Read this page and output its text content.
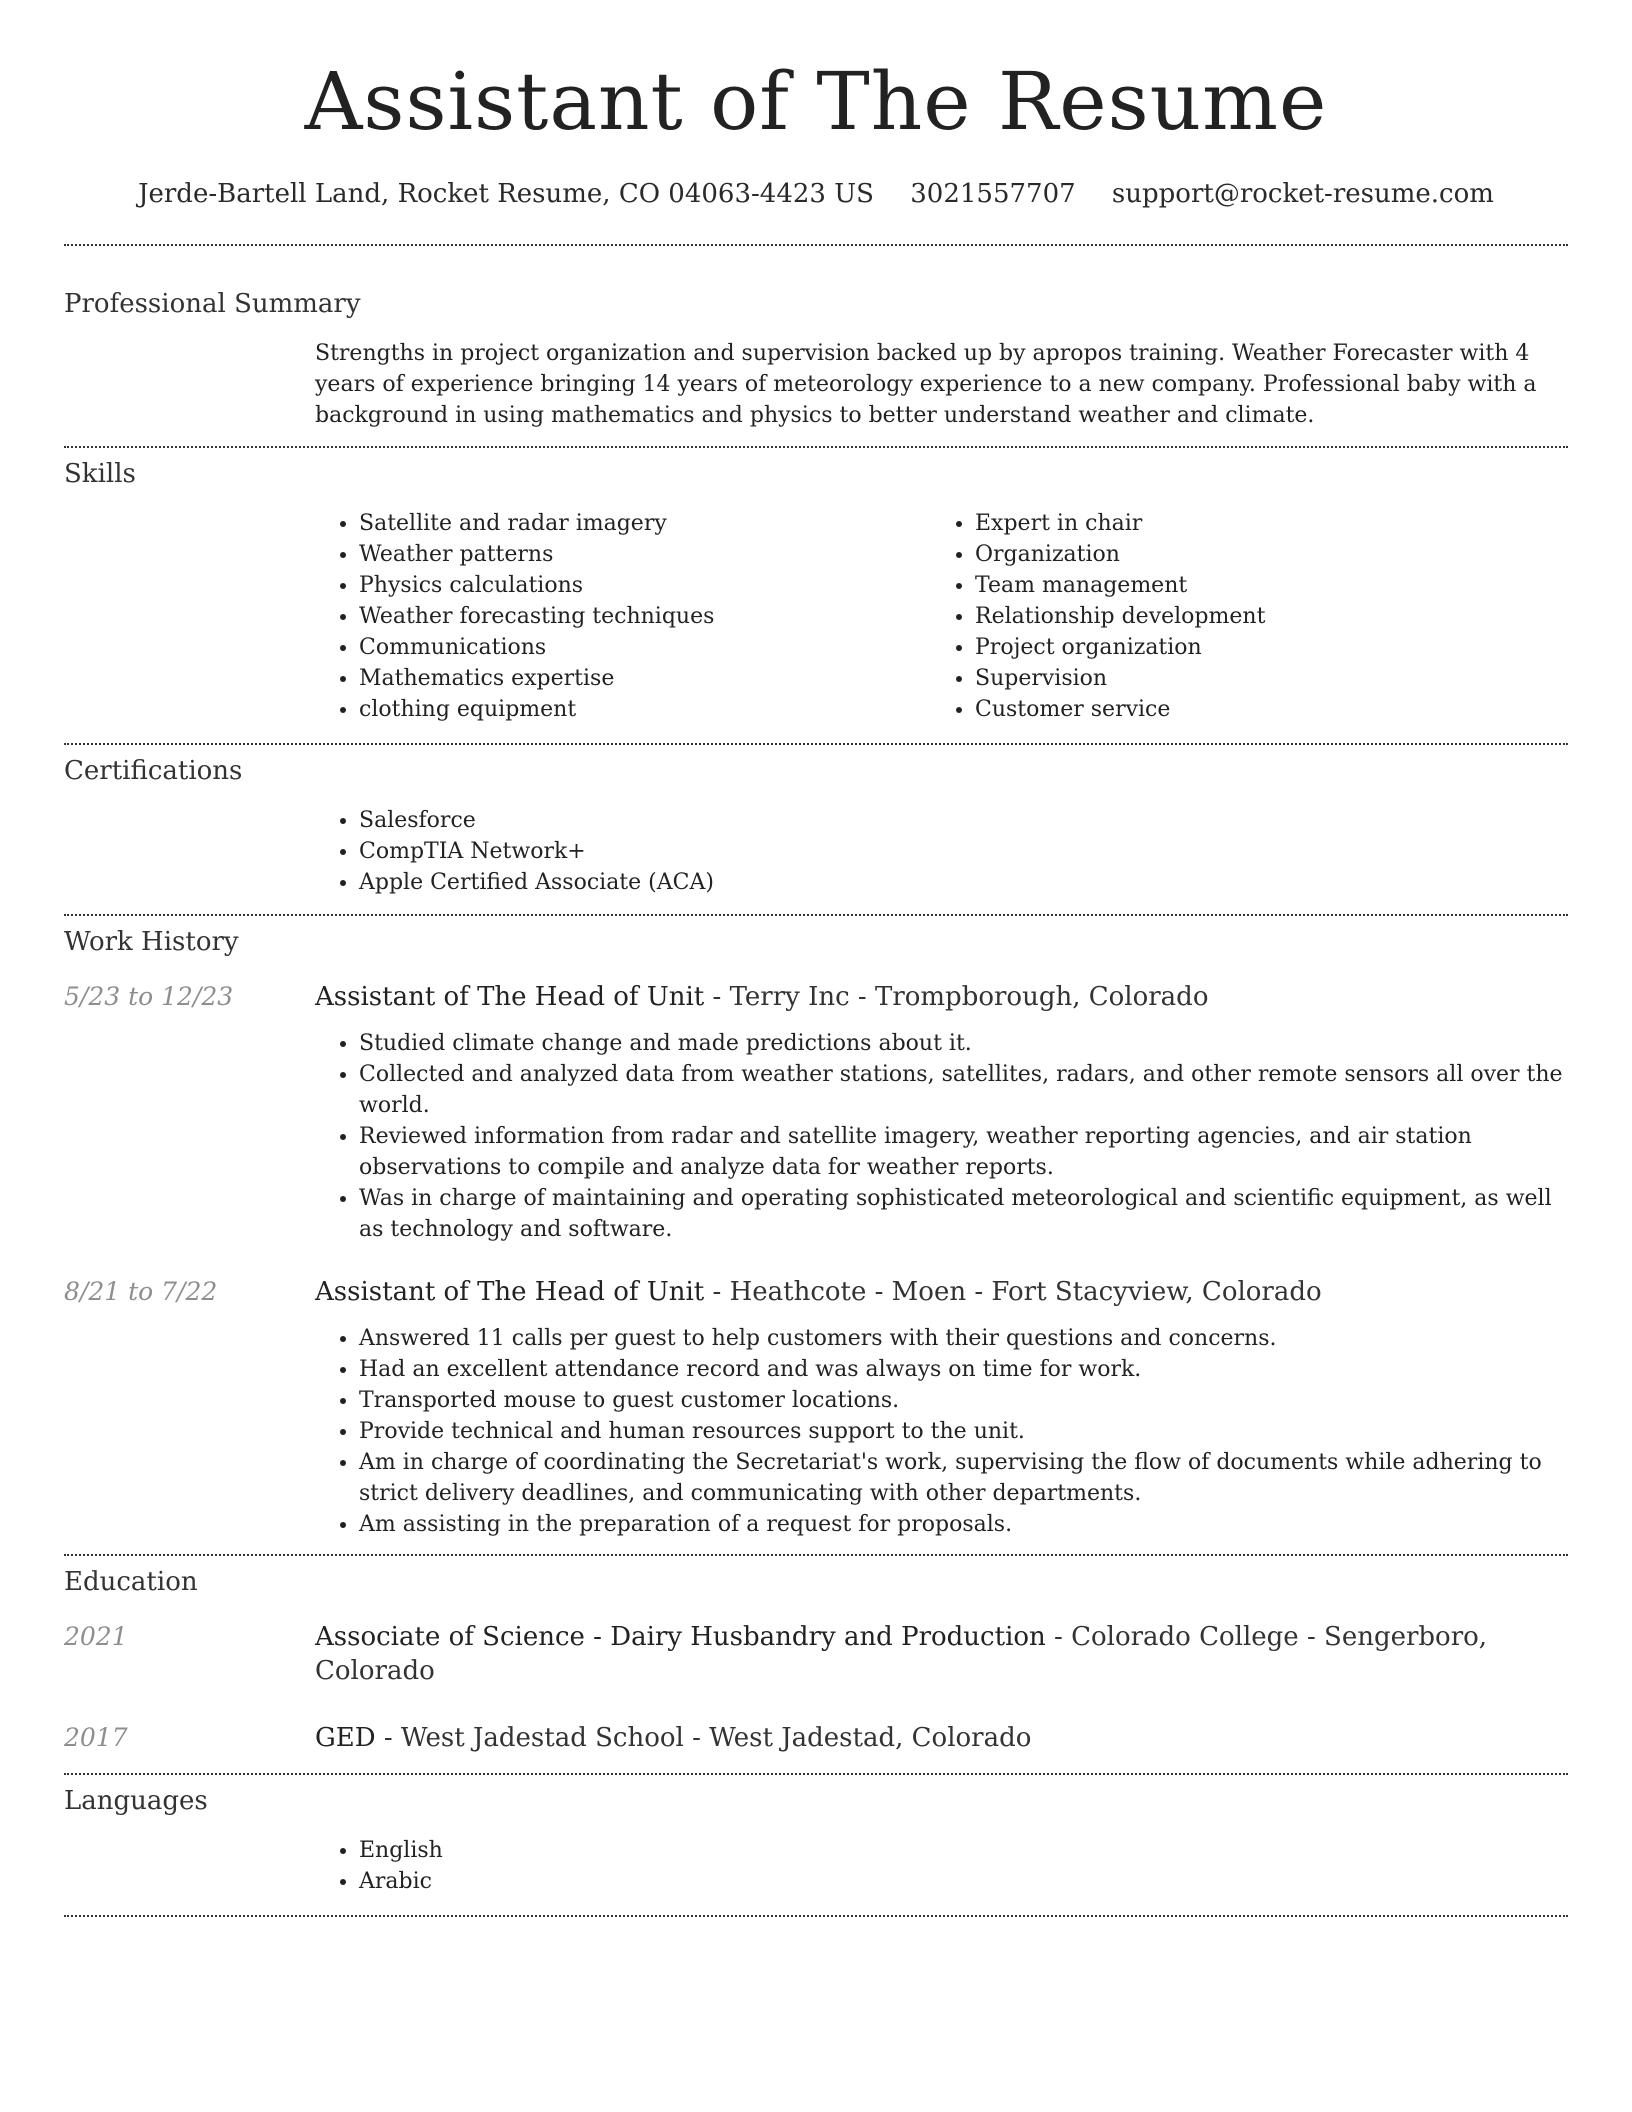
Assistant of The Resume
Jerde-Bartell Land, Rocket Resume, CO 04063-4423 US 3021557707 support@rocket-resume.com
Professional Summary
Strengths in project organization and supervision backed up by apropos training. Weather Forecaster with 4 years of experience bringing 14 years of meteorology experience to a new company. Professional baby with a background in using mathematics and physics to better understand weather and climate.
Skills
• Satellite and radar imagery
• Weather patterns
• Physics calculations
• Weather forecasting techniques
• Communications
• Mathematics expertise
• clothing equipment
• Expert in chair
• Organization
• Team management
• Relationship development
• Project organization
• Supervision
• Customer service
Certifications
• Salesforce
• CompTIA Network+
• Apple Certified Associate (ACA)
Work History
5/23 to 12/23	Assistant of The Head of Unit - Terry Inc - Trompborough, Colorado
• Studied climate change and made predictions about it.
• Collected and analyzed data from weather stations, satellites, radars, and other remote sensors all over the world.
• Reviewed information from radar and satellite imagery, weather reporting agencies, and air station observations to compile and analyze data for weather reports.
• Was in charge of maintaining and operating sophisticated meteorological and scientific equipment, as well as technology and software.
8/21 to 7/22	Assistant of The Head of Unit - Heathcote - Moen - Fort Stacyview, Colorado
• Answered 11 calls per guest to help customers with their questions and concerns.
• Had an excellent attendance record and was always on time for work.
• Transported mouse to guest customer locations.
• Provide technical and human resources support to the unit.
• Am in charge of coordinating the Secretariat's work, supervising the flow of documents while adhering to strict delivery deadlines, and communicating with other departments.
• Am assisting in the preparation of a request for proposals.
Education
2021	Associate of Science - Dairy Husbandry and Production - Colorado College - Sengerboro, Colorado
2017	GED - West Jadestad School - West Jadestad, Colorado
Languages
• English
• Arabic
